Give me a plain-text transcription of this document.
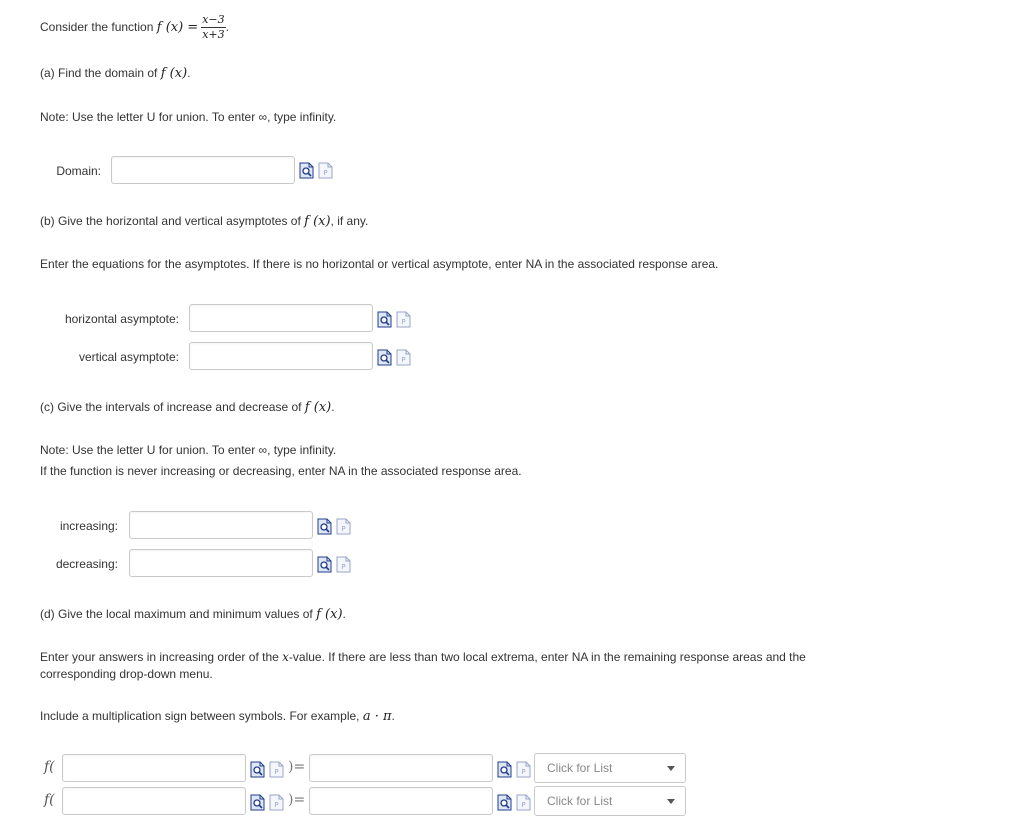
Consider the function f $(x) = \frac{x-3}{x+3}$ .
(a) Find the domain of f (x).
Note: Use the letter U for union. To enter ∞, type infinity.
Domain:
(b) Give the horizontal and vertical asymptotes of f (x), if any.
Enter the equations for the asymptotes. If there is no horizontal or vertical asymptote, enter NA in the associated response area.
horizontal asymptote:
vertical asymptote:
(c) Give the intervals of increase and decrease of f (x).
Note: Use the letter U for union. To enter ∞, type infinity.
If the function is never increasing or decreasing, enter NA in the associated response area.
increasing:
decreasing:
(d) Give the local maximum and minimum values of f (x).
Enter your answers in increasing order of the x-value. If there are less than two local extrema, enter NA in the remaining response areas and the
corresponding drop-down menu.
Include a multiplication sign between symbols. For example, a · π.
f(	)=	Click for List
f(	)=	Click for List
